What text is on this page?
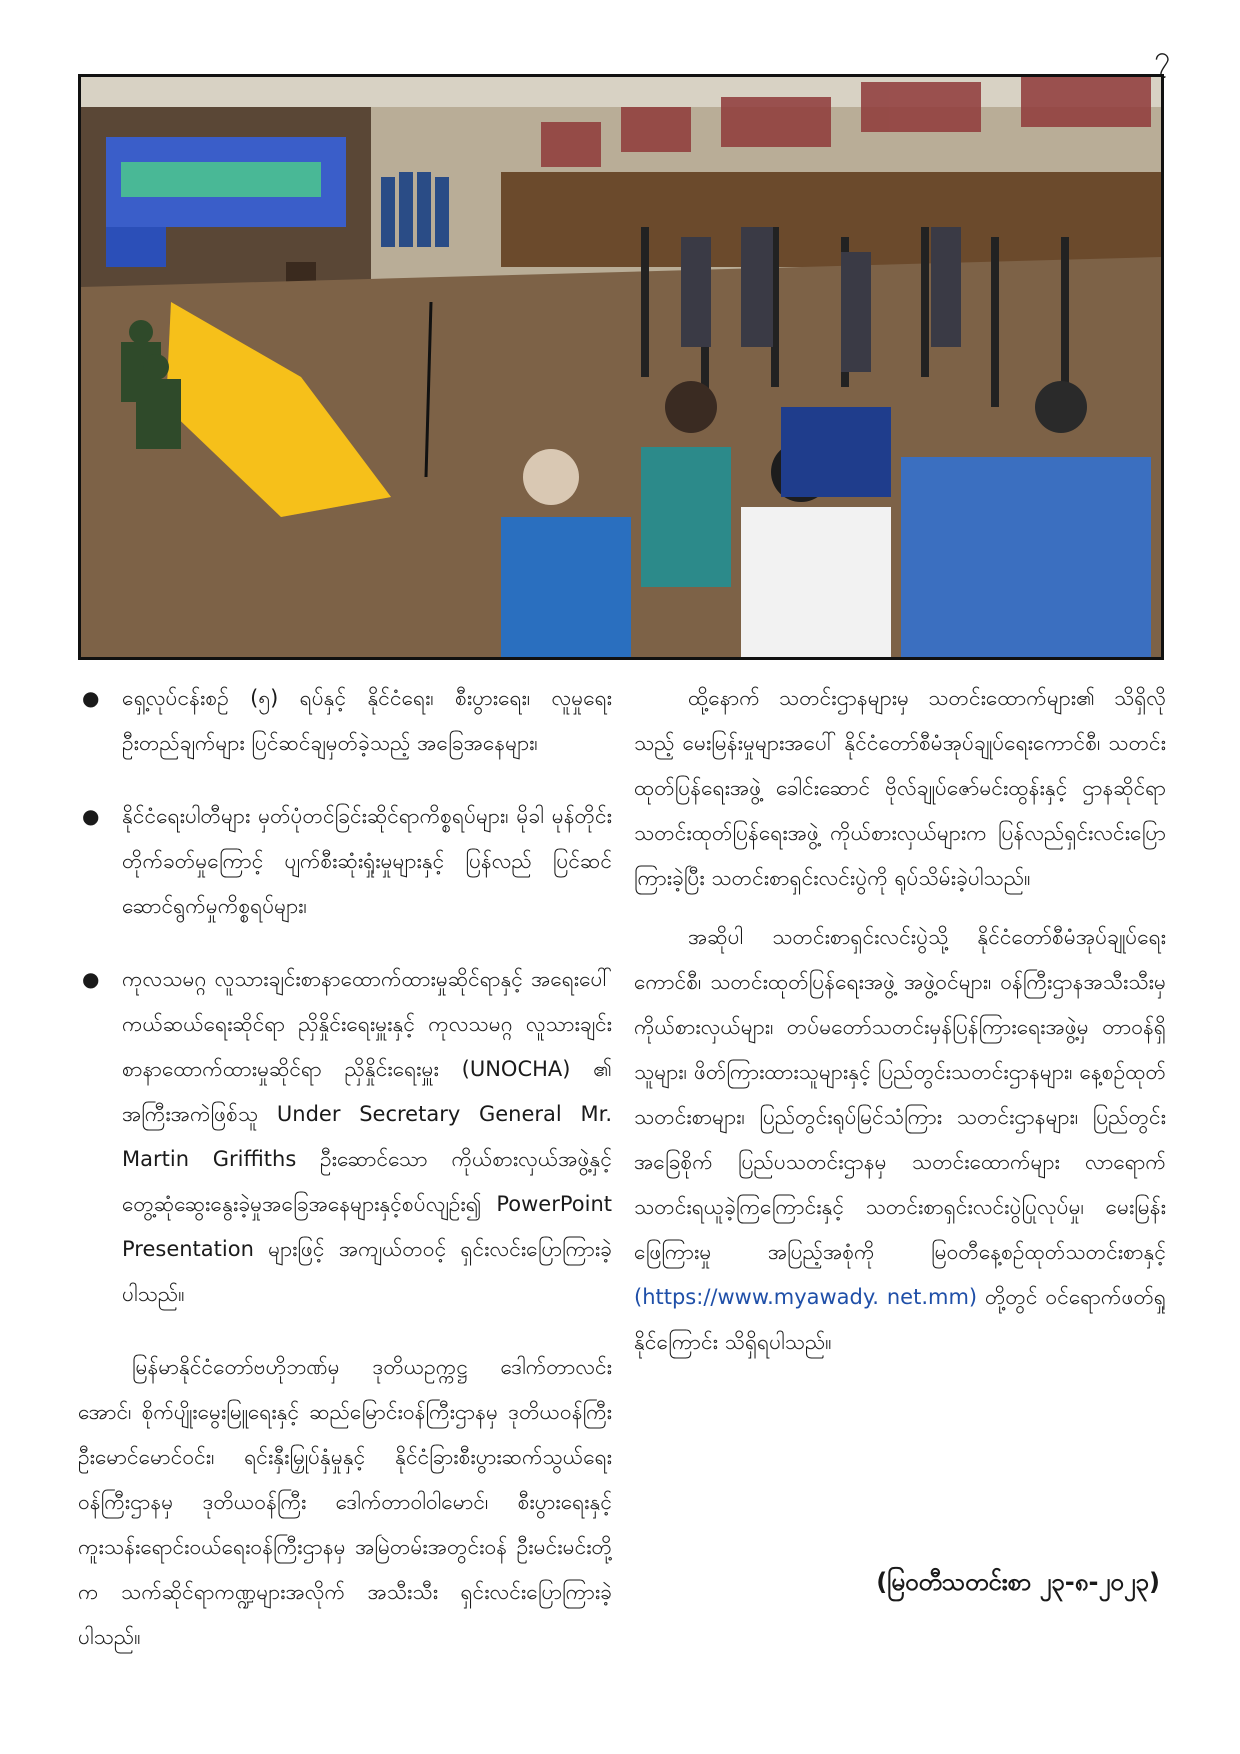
၇
● ရှေ့လုပ်ငန်းစဉ် (၅) ရပ်နှင့် နိုင်ငံရေး၊ စီးပွားရေး၊ လူမှုရေး ဦးတည်ချက်များ ပြင်ဆင်ချမှတ်ခဲ့သည့် အခြေအနေများ၊
● နိုင်ငံရေးပါတီများ မှတ်ပုံတင်ခြင်းဆိုင်ရာကိစ္စရပ်များ၊ မိုခါ မုန်တိုင်းတိုက်ခတ်မှုကြောင့် ပျက်စီးဆုံးရှုံးမှုများနှင့် ပြန်လည် ပြင်ဆင်ဆောင်ရွက်မှုကိစ္စရပ်များ၊
● ကုလသမဂ္ဂ လူသားချင်းစာနာထောက်ထားမှုဆိုင်ရာနှင့် အရေးပေါ်ကယ်ဆယ်ရေးဆိုင်ရာ ညှိနှိုင်းရေးမှူးနှင့် ကုလသမဂ္ဂ လူသားချင်းစာနာထောက်ထားမှုဆိုင်ရာ ညှိနှိုင်းရေးမှူး (UNOCHA) ၏ အကြီးအကဲဖြစ်သူ Under Secretary General Mr. Martin Griffiths ဦးဆောင်သော ကိုယ်စားလှယ်အဖွဲ့နှင့် တွေ့ဆုံဆွေးနွေးခဲ့မှုအခြေအနေများနှင့်စပ်လျဉ်း၍ PowerPoint Presentation များဖြင့် အကျယ်တဝင့် ရှင်းလင်းပြောကြားခဲ့ပါသည်။

မြန်မာနိုင်ငံတော်ဗဟိုဘဏ်မှ ဒုတိယဥက္ကဋ္ဌ ဒေါက်တာလင်းအောင်၊ စိုက်ပျိုးမွေးမြူရေးနှင့် ဆည်မြောင်းဝန်ကြီးဌာနမှ ဒုတိယဝန်ကြီး ဦးမောင်မောင်ဝင်း၊ ရင်းနှီးမြှုပ်နှံမှုနှင့် နိုင်ငံခြားစီးပွားဆက်သွယ်ရေးဝန်ကြီးဌာနမှ ဒုတိယဝန်ကြီး ဒေါက်တာဝါဝါမောင်၊ စီးပွားရေးနှင့်ကူးသန်းရောင်းဝယ်ရေးဝန်ကြီးဌာနမှ အမြဲတမ်းအတွင်းဝန် ဦးမင်းမင်းတို့က သက်ဆိုင်ရာကဏ္ဍများအလိုက် အသီးသီး ရှင်းလင်းပြောကြားခဲ့ပါသည်။

ထို့နောက် သတင်းဌာနများမှ သတင်းထောက်များ၏ သိရှိလိုသည့် မေးမြန်းမှုများအပေါ် နိုင်ငံတော်စီမံအုပ်ချုပ်ရေးကောင်စီ၊ သတင်းထုတ်ပြန်ရေးအဖွဲ့ ခေါင်းဆောင် ဗိုလ်ချုပ်ဇော်မင်းထွန်းနှင့် ဌာနဆိုင်ရာသတင်းထုတ်ပြန်ရေးအဖွဲ့ ကိုယ်စားလှယ်များက ပြန်လည်ရှင်းလင်းပြောကြားခဲ့ပြီး သတင်းစာရှင်းလင်းပွဲကို ရုပ်သိမ်းခဲ့ပါသည်။

အဆိုပါ သတင်းစာရှင်းလင်းပွဲသို့ နိုင်ငံတော်စီမံအုပ်ချုပ်ရေးကောင်စီ၊ သတင်းထုတ်ပြန်ရေးအဖွဲ့ အဖွဲ့ဝင်များ၊ ဝန်ကြီးဌာနအသီးသီးမှ ကိုယ်စားလှယ်များ၊ တပ်မတော်သတင်းမှန်ပြန်ကြားရေးအဖွဲ့မှ တာဝန်ရှိသူများ၊ ဖိတ်ကြားထားသူများနှင့် ပြည်တွင်းသတင်းဌာနများ၊ နေ့စဉ်ထုတ်သတင်းစာများ၊ ပြည်တွင်းရုပ်မြင်သံကြား သတင်းဌာနများ၊ ပြည်တွင်းအခြေစိုက် ပြည်ပသတင်းဌာနမှ သတင်းထောက်များ လာရောက်သတင်းရယူခဲ့ကြကြောင်းနှင့် သတင်းစာရှင်းလင်းပွဲပြုလုပ်မှု၊ မေးမြန်းဖြေကြားမှု အပြည့်အစုံကို မြဝတီနေ့စဉ်ထုတ်သတင်းစာနှင့် (https://www.myawady. net.mm) တို့တွင် ဝင်ရောက်ဖတ်ရှုနိုင်ကြောင်း သိရှိရပါသည်။

(မြဝတီသတင်းစာ ၂၃-၈-၂၀၂၃)
